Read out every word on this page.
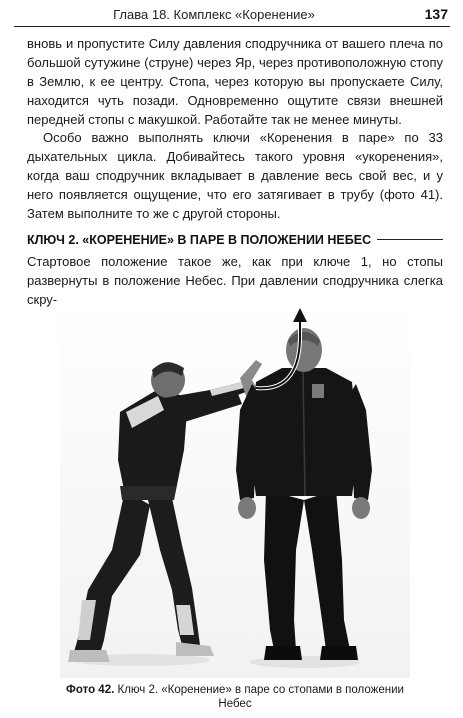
Глава 18. Комплекс «Коренение»	137

вновь и пропустите Силу давления сподручника от вашего плеча по большой сутужине (струне) через Яр, через противоположную стопу в Землю, к ее центру. Стопа, через которую вы пропускаете Силу, находится чуть позади. Одновременно ощутите связи внешней передней стопы с макушкой. Работайте так не менее минуты.

Особо важно выполнять ключи «Коренения в паре» по 33 дыхательных цикла. Добивайтесь такого уровня «укоренения», когда ваш сподручник вкладывает в давление весь свой вес, и у него появляется ощущение, что его затягивает в трубу (фото 41). Затем выполните то же с другой стороны.

КЛЮЧ 2. «КОРЕНЕНИЕ» В ПАРЕ В ПОЛОЖЕНИИ НЕБЕС

Стартовое положение такое же, как при ключе 1, но стопы развернуты в положение Небес. При давлении сподручника слегка скру-

Фото 42. Ключ 2. «Коренение» в паре со стопами в положении Небес
